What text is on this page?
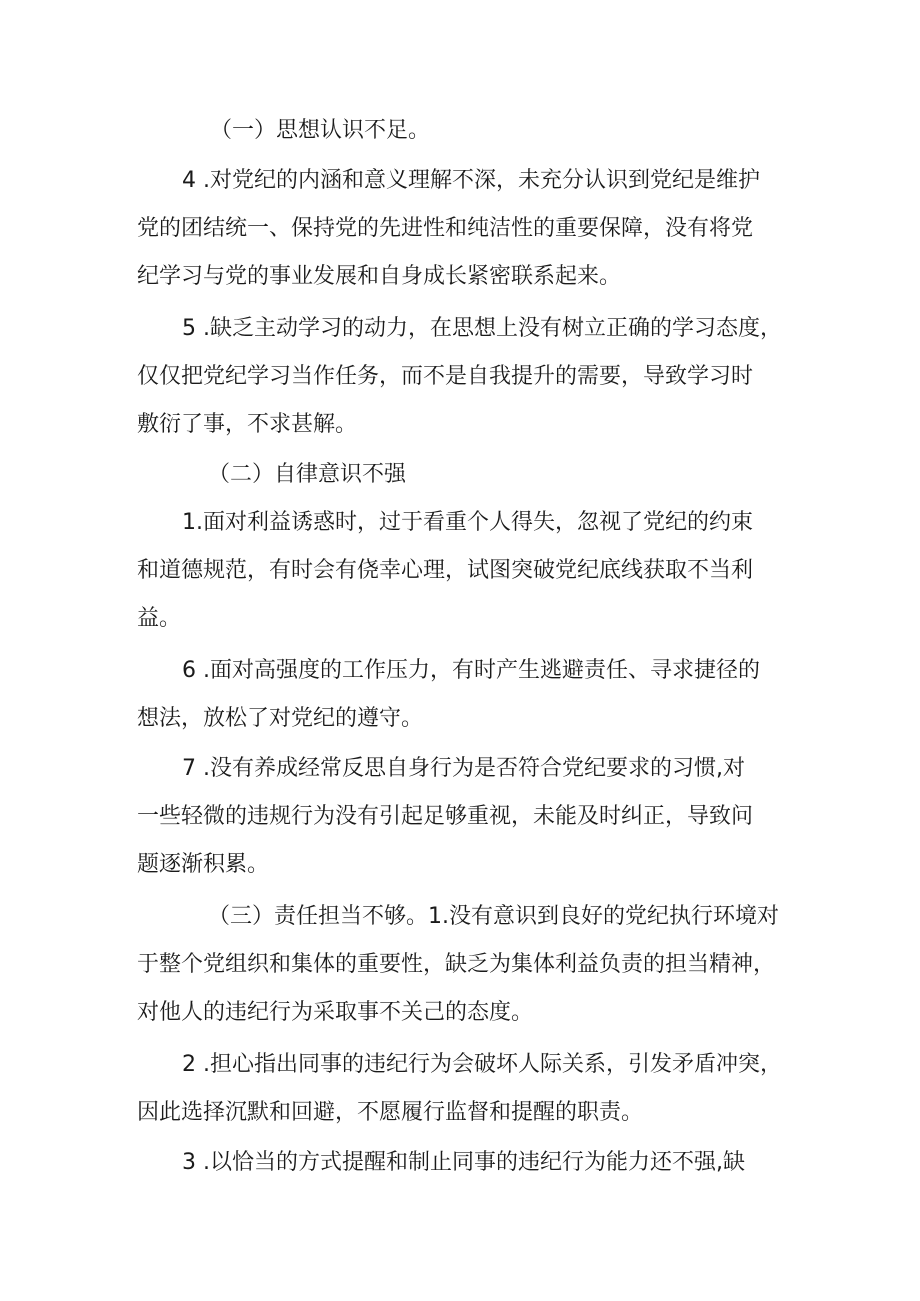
（一）思想认识不足。
4 .对党纪的内涵和意义理解不深，未充分认识到党纪是维护
党的团结统一、保持党的先进性和纯洁性的重要保障，没有将党
纪学习与党的事业发展和自身成长紧密联系起来。
5 .缺乏主动学习的动力，在思想上没有树立正确的学习态度，
仅仅把党纪学习当作任务，而不是自我提升的需要，导致学习时
敷衍了事，不求甚解。
（二）自律意识不强
1.面对利益诱惑时，过于看重个人得失，忽视了党纪的约束
和道德规范，有时会有侥幸心理，试图突破党纪底线获取不当利
益。
6 .面对高强度的工作压力，有时产生逃避责任、寻求捷径的
想法，放松了对党纪的遵守。
7 .没有养成经常反思自身行为是否符合党纪要求的习惯,对
一些轻微的违规行为没有引起足够重视，未能及时纠正，导致问
题逐渐积累。
（三）责任担当不够。1.没有意识到良好的党纪执行环境对
于整个党组织和集体的重要性，缺乏为集体利益负责的担当精神，
对他人的违纪行为采取事不关己的态度。
2 .担心指出同事的违纪行为会破坏人际关系，引发矛盾冲突，
因此选择沉默和回避，不愿履行监督和提醒的职责。
3 .以恰当的方式提醒和制止同事的违纪行为能力还不强,缺
